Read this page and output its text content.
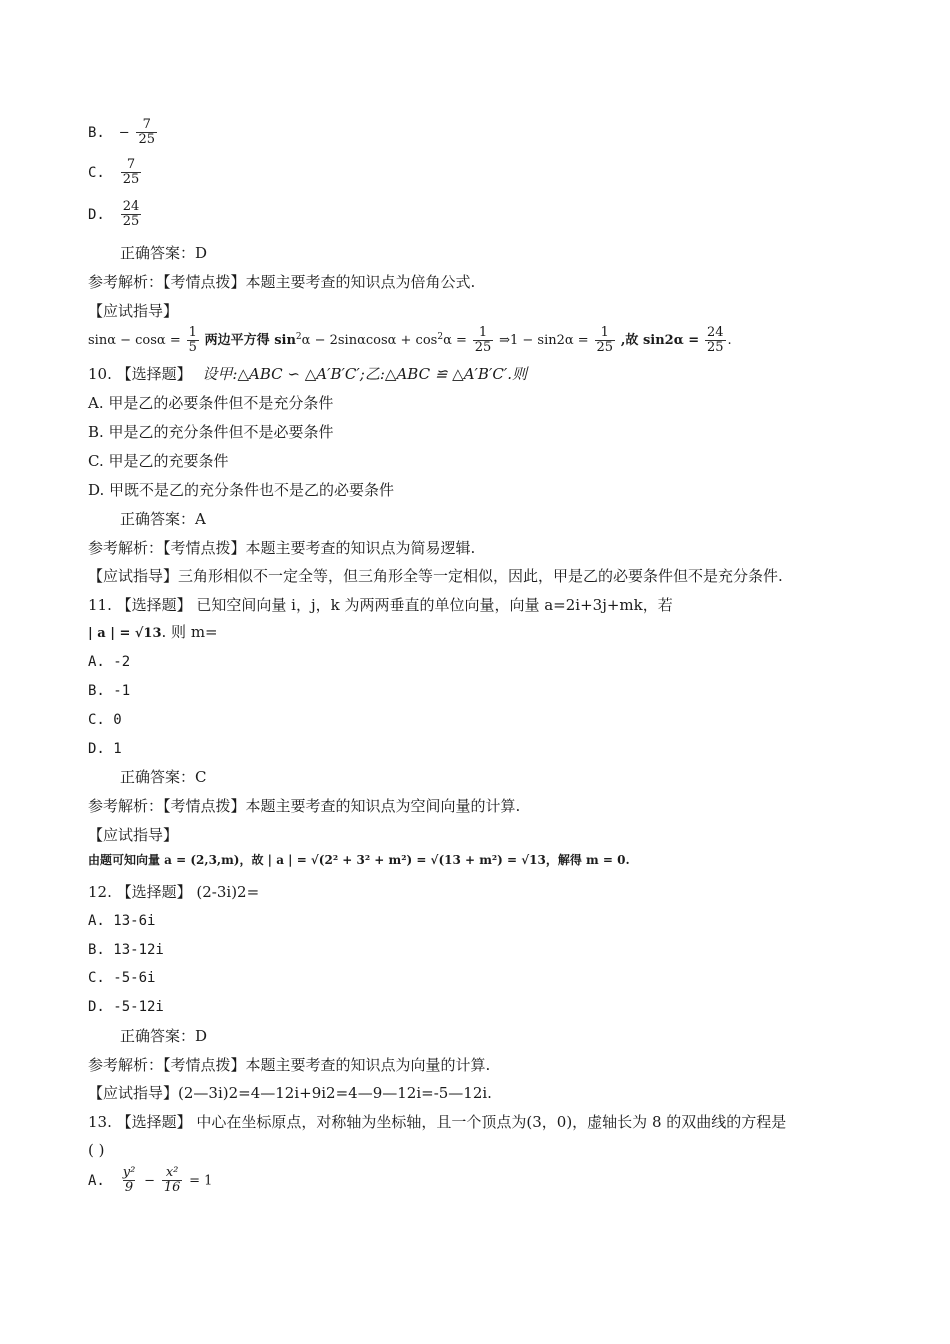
B. − $\frac{7}{25}$
C. $\frac{7}{25}$
D. $\frac{24}{25}$
正确答案：D
参考解析：【考情点拨】本题主要考查的知识点为倍角公式.
【应试指导】
$\sin\alpha - \cos\alpha = \frac{1}{5}$ 两边平方得 $\sin^2\alpha - 2\sin\alpha\cos\alpha + \cos^2\alpha = \frac{1}{25}$ ⇒1 − $\sin 2\alpha = \frac{1}{25}$ ,故 $\sin 2\alpha = \frac{24}{25}$ .
10. 【选择题】 设甲:△ABC ∽ △A′B′C′;乙:△ABC ≌ △A′B′C′.则
A. 甲是乙的必要条件但不是充分条件
B. 甲是乙的充分条件但不是必要条件
C. 甲是乙的充要条件
D. 甲既不是乙的充分条件也不是乙的必要条件
正确答案：A
参考解析：【考情点拨】本题主要考查的知识点为简易逻辑.
【应试指导】三角形相似不一定全等，但三角形全等一定相似，因此，甲是乙的必要条件但不是充分条件.
11. 【选择题】 已知空间向量 i，j，k 为两两垂直的单位向量，向量 a=2i+3j+mk，若
| a | = √13. 则 m=
A. -2
B. -1
C. 0
D. 1
正确答案：C
参考解析：【考情点拨】本题主要考查的知识点为空间向量的计算.
【应试指导】
由题可知向量 a = (2,3,m)，故 | a | = √(2² + 3² + m²) = √(13 + m²) = √13，解得 m = 0.
12. 【选择题】 (2-3i)2=
A. 13-6i
B. 13-12i
C. -5-6i
D. -5-12i
正确答案：D
参考解析：【考情点拨】本题主要考查的知识点为向量的计算.
【应试指导】(2—3i)2=4—12i+9i2=4—9—12i=-5—12i.
13. 【选择题】 中心在坐标原点，对称轴为坐标轴，且一个顶点为(3，0)，虚轴长为 8 的双曲线的方程是
( )
A. $\frac{\text{y²}}{9} - \frac{\text{x²}}{16} = 1$
